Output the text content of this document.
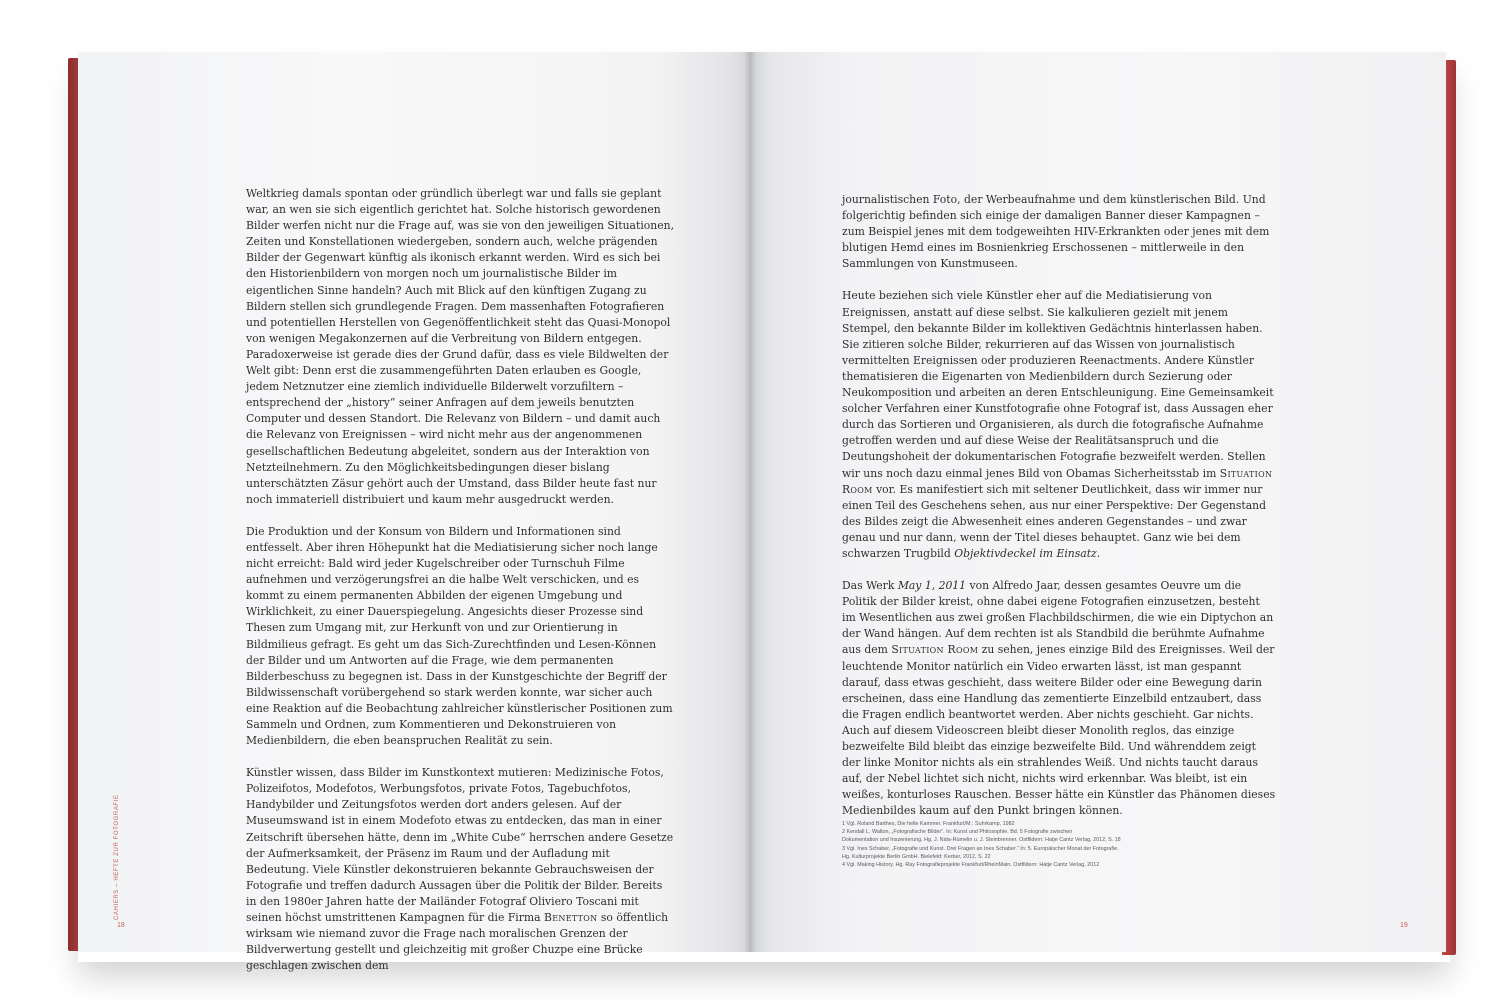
Weltkrieg damals spontan oder gründlich überlegt war und falls sie geplant war, an wen sie sich eigentlich gerichtet hat. Solche historisch gewordenen Bilder werfen nicht nur die Frage auf, was sie von den jeweiligen Situationen, Zeiten und Konstellationen wiedergeben, sondern auch, welche prägenden Bilder der Gegenwart künftig als ikonisch erkannt werden. Wird es sich bei den Historienbildern von morgen noch um journalistische Bilder im eigentlichen Sinne handeln? Auch mit Blick auf den künftigen Zugang zu Bildern stellen sich grundlegende Fragen. Dem massenhaften Fotografieren und potentiellen Herstellen von Gegenöffentlichkeit steht das Quasi-Monopol von wenigen Megakonzernen auf die Verbreitung von Bildern entgegen. Paradoxerweise ist gerade dies der Grund dafür, dass es viele Bildwelten der Welt gibt: Denn erst die zusammengeführten Daten erlauben es Google, jedem Netznutzer eine ziemlich individuelle Bilderwelt vorzufiltern – entsprechend der „history“ seiner Anfragen auf dem jeweils benutzten Computer und dessen Standort. Die Relevanz von Bildern – und damit auch die Relevanz von Ereignissen – wird nicht mehr aus der angenommenen gesellschaftlichen Bedeutung abgeleitet, sondern aus der Interaktion von Netzteilnehmern. Zu den Möglichkeitsbedingungen dieser bislang unterschätzten Zäsur gehört auch der Umstand, dass Bilder heute fast nur noch immateriell distribuiert und kaum mehr ausgedruckt werden.

Die Produktion und der Konsum von Bildern und Informationen sind entfesselt. Aber ihren Höhepunkt hat die Mediatisierung sicher noch lange nicht erreicht: Bald wird jeder Kugelschreiber oder Turnschuh Filme aufnehmen und verzögerungsfrei an die halbe Welt verschicken, und es kommt zu einem permanenten Abbilden der eigenen Umgebung und Wirklichkeit, zu einer Dauerspiegelung. Angesichts dieser Prozesse sind Thesen zum Umgang mit, zur Herkunft von und zur Orientierung in Bildmilieus gefragt. Es geht um das Sich-Zurechtfinden und Lesen-Können der Bilder und um Antworten auf die Frage, wie dem permanenten Bilderbeschuss zu begegnen ist. Dass in der Kunstgeschichte der Begriff der Bildwissenschaft vorübergehend so stark werden konnte, war sicher auch eine Reaktion auf die Beobachtung zahlreicher künstlerischer Positionen zum Sammeln und Ordnen, zum Kommentieren und Dekonstruieren von Medienbildern, die eben beanspruchen Realität zu sein.

Künstler wissen, dass Bilder im Kunstkontext mutieren: Medizinische Fotos, Polizeifotos, Modefotos, Werbungsfotos, private Fotos, Tagebuchfotos, Handybilder und Zeitungsfotos werden dort anders gelesen. Auf der Museumswand ist in einem Modefoto etwas zu entdecken, das man in einer Zeitschrift übersehen hätte, denn im „White Cube“ herrschen andere Gesetze der Aufmerksamkeit, der Präsenz im Raum und der Aufladung mit Bedeutung. Viele Künstler dekonstruieren bekannte Gebrauchsweisen der Fotografie und treffen dadurch Aussagen über die Politik der Bilder. Bereits in den 1980er Jahren hatte der Mailänder Fotograf Oliviero Toscani mit seinen höchst umstrittenen Kampagnen für die Firma Benetton so öffentlich wirksam wie niemand zuvor die Frage nach moralischen Grenzen der Bildverwertung gestellt und gleichzeitig mit großer Chuzpe eine Brücke geschlagen zwischen dem

CAHIERS – HEFTE ZUR FOTOGRAFIE
18

journalistischen Foto, der Werbeaufnahme und dem künstlerischen Bild. Und folgerichtig befinden sich einige der damaligen Banner dieser Kampagnen – zum Beispiel jenes mit dem todgeweihten HIV-Erkrankten oder jenes mit dem blutigen Hemd eines im Bosnienkrieg Erschossenen – mittlerweile in den Sammlungen von Kunstmuseen.

Heute beziehen sich viele Künstler eher auf die Mediatisierung von Ereignissen, anstatt auf diese selbst. Sie kalkulieren gezielt mit jenem Stempel, den bekannte Bilder im kollektiven Gedächtnis hinterlassen haben. Sie zitieren solche Bilder, rekurrieren auf das Wissen von journalistisch vermittelten Ereignissen oder produzieren Reenactments. Andere Künstler thematisieren die Eigenarten von Medienbildern durch Sezierung oder Neukomposition und arbeiten an deren Entschleunigung. Eine Gemeinsamkeit solcher Verfahren einer Kunstfotografie ohne Fotograf ist, dass Aussagen eher durch das Sortieren und Organisieren, als durch die fotografische Aufnahme getroffen werden und auf diese Weise der Realitätsanspruch und die Deutungshoheit der dokumentarischen Fotografie bezweifelt werden. Stellen wir uns noch dazu einmal jenes Bild von Obamas Sicherheitsstab im Situation Room vor. Es manifestiert sich mit seltener Deutlichkeit, dass wir immer nur einen Teil des Geschehens sehen, aus nur einer Perspektive: Der Gegenstand des Bildes zeigt die Abwesenheit eines anderen Gegenstandes – und zwar genau und nur dann, wenn der Titel dieses behauptet. Ganz wie bei dem schwarzen Trugbild Objektivdeckel im Einsatz.

Das Werk May 1, 2011 von Alfredo Jaar, dessen gesamtes Oeuvre um die Politik der Bilder kreist, ohne dabei eigene Fotografien einzusetzen, besteht im Wesentlichen aus zwei großen Flachbildschirmen, die wie ein Diptychon an der Wand hängen. Auf dem rechten ist als Standbild die berühmte Aufnahme aus dem Situation Room zu sehen, jenes einzige Bild des Ereignisses. Weil der leuchtende Monitor natürlich ein Video erwarten lässt, ist man gespannt darauf, dass etwas geschieht, dass weitere Bilder oder eine Bewegung darin erscheinen, dass eine Handlung das zementierte Einzelbild entzaubert, dass die Fragen endlich beantwortet werden. Aber nichts geschieht. Gar nichts. Auch auf diesem Videoscreen bleibt dieser Monolith reglos, das einzige bezweifelte Bild bleibt das einzige bezweifelte Bild. Und währenddem zeigt der linke Monitor nichts als ein strahlendes Weiß. Und nichts taucht daraus auf, der Nebel lichtet sich nicht, nichts wird erkennbar. Was bleibt, ist ein weißes, konturloses Rauschen. Besser hätte ein Künstler das Phänomen dieses Medienbildes kaum auf den Punkt bringen können.

1 Vgl. Roland Barthes, Die helle Kammer. Frankfurt/M.: Suhrkamp, 1982
2 Kendall L. Walton, „Fotografische Bilder“. In: Kunst und Philosophie. Bd. 5 Fotografie zwischen
Dokumentation und Inszenierung. Hg. J. Nida-Rümelin u. J. Steinbrenner. Ostfildern: Hatje Cantz Verlag, 2012, S. 18
3 Vgl. Ines Schaber, „Fotografie und Kunst. Drei Fragen an Ines Schaber.“ In: 5. Europäischer Monat der Fotografie.
Hg. Kulturprojekte Berlin GmbH. Bielefeld: Kerber, 2012, S. 22
4 Vgl. Making History. Hg. Ray Fotografieprojekte Frankfurt/RheinMain. Ostfildern: Hatje Cantz Verlag, 2012
19
